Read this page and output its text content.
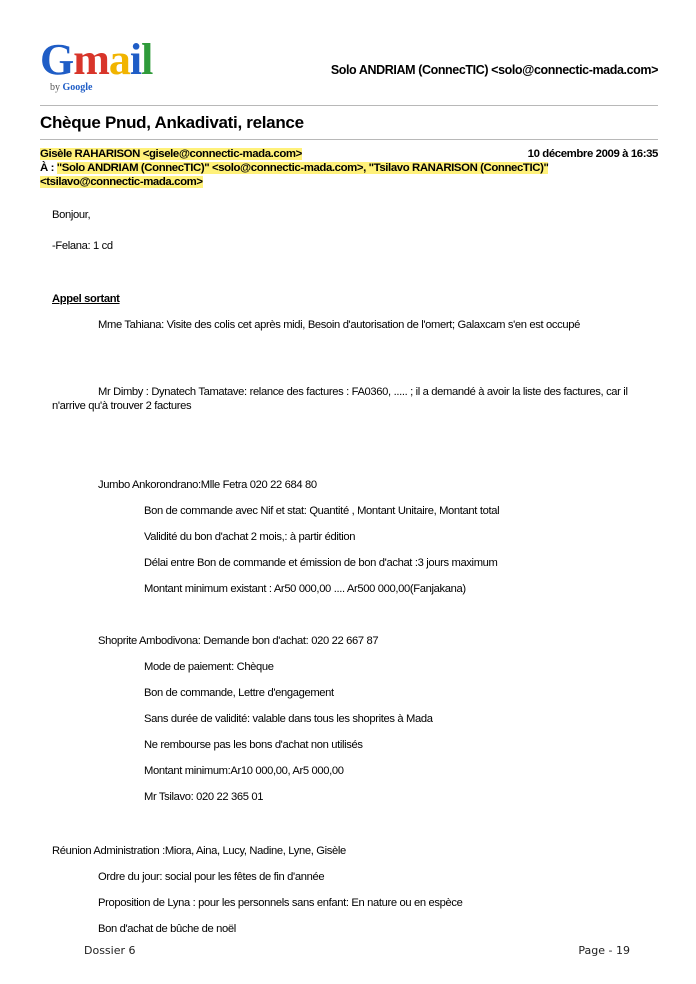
Gmail
by Google
Solo ANDRIAM (ConnecTIC) <solo@connectic-mada.com>
Chèque Pnud, Ankadivati, relance
Gisèle RAHARISON <gisele@connectic-mada.com>	10 décembre 2009 à 16:35
À : "Solo ANDRIAM (ConnecTIC)" <solo@connectic-mada.com>, "Tsilavo RANARISON (ConnecTIC)"
<tsilavo@connectic-mada.com>
Bonjour,
-Felana: 1 cd
Appel sortant
Mme Tahiana: Visite des colis cet après midi, Besoin d'autorisation de l'omert; Galaxcam s'en est occupé
Mr Dimby : Dynatech Tamatave: relance des factures : FA0360, ..... ; il a demandé à avoir la liste des factures, car il n'arrive qu'à trouver 2 factures
Jumbo Ankorondrano:Mlle Fetra 020 22 684 80
Bon de commande avec Nif et stat: Quantité , Montant Unitaire, Montant total
Validité du bon d'achat 2 mois,: à partir édition
Délai entre Bon de commande et émission de bon d'achat :3 jours maximum
Montant minimum existant : Ar50 000,00 .... Ar500 000,00(Fanjakana)
Shoprite Ambodivona: Demande bon d'achat: 020 22 667 87
Mode de paiement: Chèque
Bon de commande, Lettre d'engagement
Sans durée de validité: valable dans tous les shoprites à Mada
Ne rembourse pas les bons d'achat non utilisés
Montant minimum:Ar10 000,00, Ar5 000,00
Mr Tsilavo: 020 22 365 01
Réunion Administration :Miora, Aina, Lucy, Nadine, Lyne, Gisèle
Ordre du jour: social pour les fêtes de fin d'année
Proposition de Lyna : pour les personnels sans enfant: En nature ou en espèce
Bon d'achat de bûche de noël
Dossier 6	Page - 19
